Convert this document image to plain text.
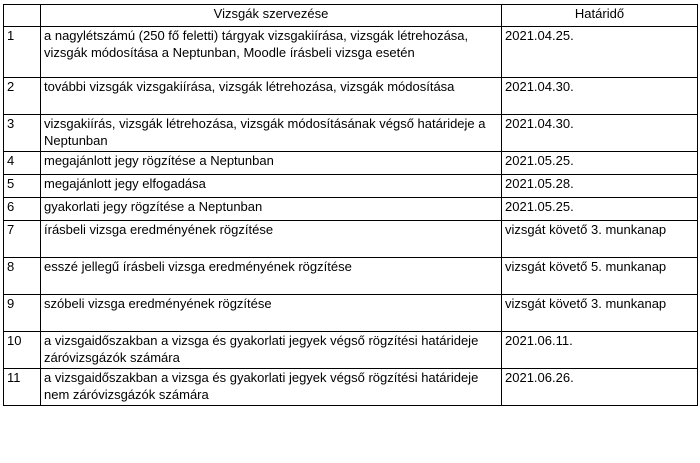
	Vizsgák szervezése	Határidő
1	a nagylétszámú (250 fő feletti) tárgyak vizsgakiírása, vizsgák létrehozása, vizsgák módosítása a Neptunban, Moodle írásbeli vizsga esetén	2021.04.25.
2	további vizsgák vizsgakiírása, vizsgák létrehozása, vizsgák módosítása	2021.04.30.
3	vizsgakiírás, vizsgák létrehozása, vizsgák módosításának végső határideje a Neptunban	2021.04.30.
4	megajánlott jegy rögzítése a Neptunban	2021.05.25.
5	megajánlott jegy elfogadása	2021.05.28.
6	gyakorlati jegy rögzítése a Neptunban	2021.05.25.
7	írásbeli vizsga eredményének rögzítése	vizsgát követő 3. munkanap
8	esszé jellegű írásbeli vizsga eredményének rögzítése	vizsgát követő 5. munkanap
9	szóbeli vizsga eredményének rögzítése	vizsgát követő 3. munkanap
10	a vizsgaidőszakban a vizsga és gyakorlati jegyek végső rögzítési határideje záróvizsgázók számára	2021.06.11.
11	a vizsgaidőszakban a vizsga és gyakorlati jegyek végső rögzítési határideje nem záróvizsgázók számára	2021.06.26.
